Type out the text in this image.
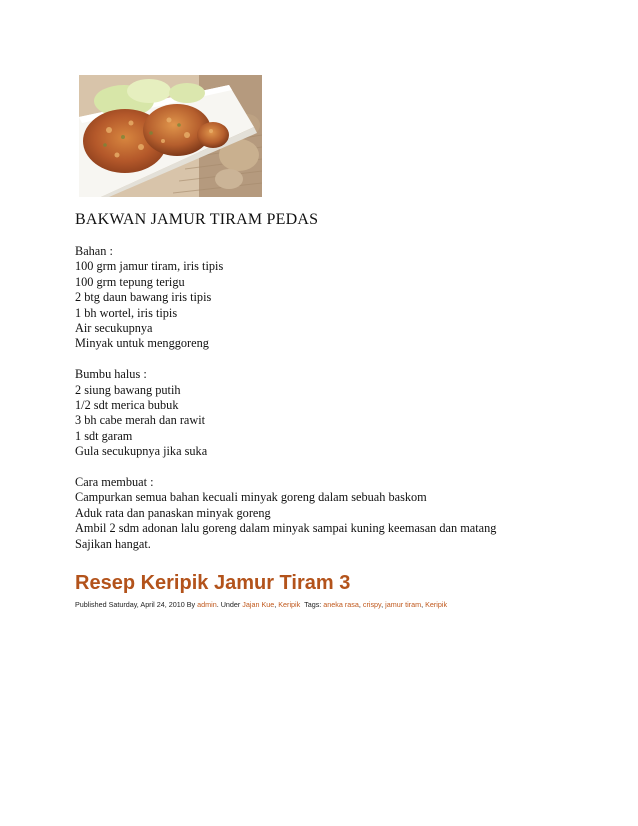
BAKWAN JAMUR TIRAM PEDAS
Bahan :
100 grm jamur tiram, iris tipis
100 grm tepung terigu
2 btg daun bawang iris tipis
1 bh wortel, iris tipis
Air secukupnya
Minyak untuk menggoreng
Bumbu halus :
2 siung bawang putih
1/2 sdt merica bubuk
3 bh cabe merah dan rawit
1 sdt garam
Gula secukupnya jika suka
Cara membuat :
Campurkan semua bahan kecuali minyak goreng dalam sebuah baskom
Aduk rata dan panaskan minyak goreng
Ambil 2 sdm adonan lalu goreng dalam minyak sampai kuning keemasan dan matang
Sajikan hangat.
Resep Keripik Jamur Tiram 3
Published Saturday, April 24, 2010 By admin. Under Jajan Kue, Keripik  Tags: aneka rasa, crispy, jamur tiram, Keripik
